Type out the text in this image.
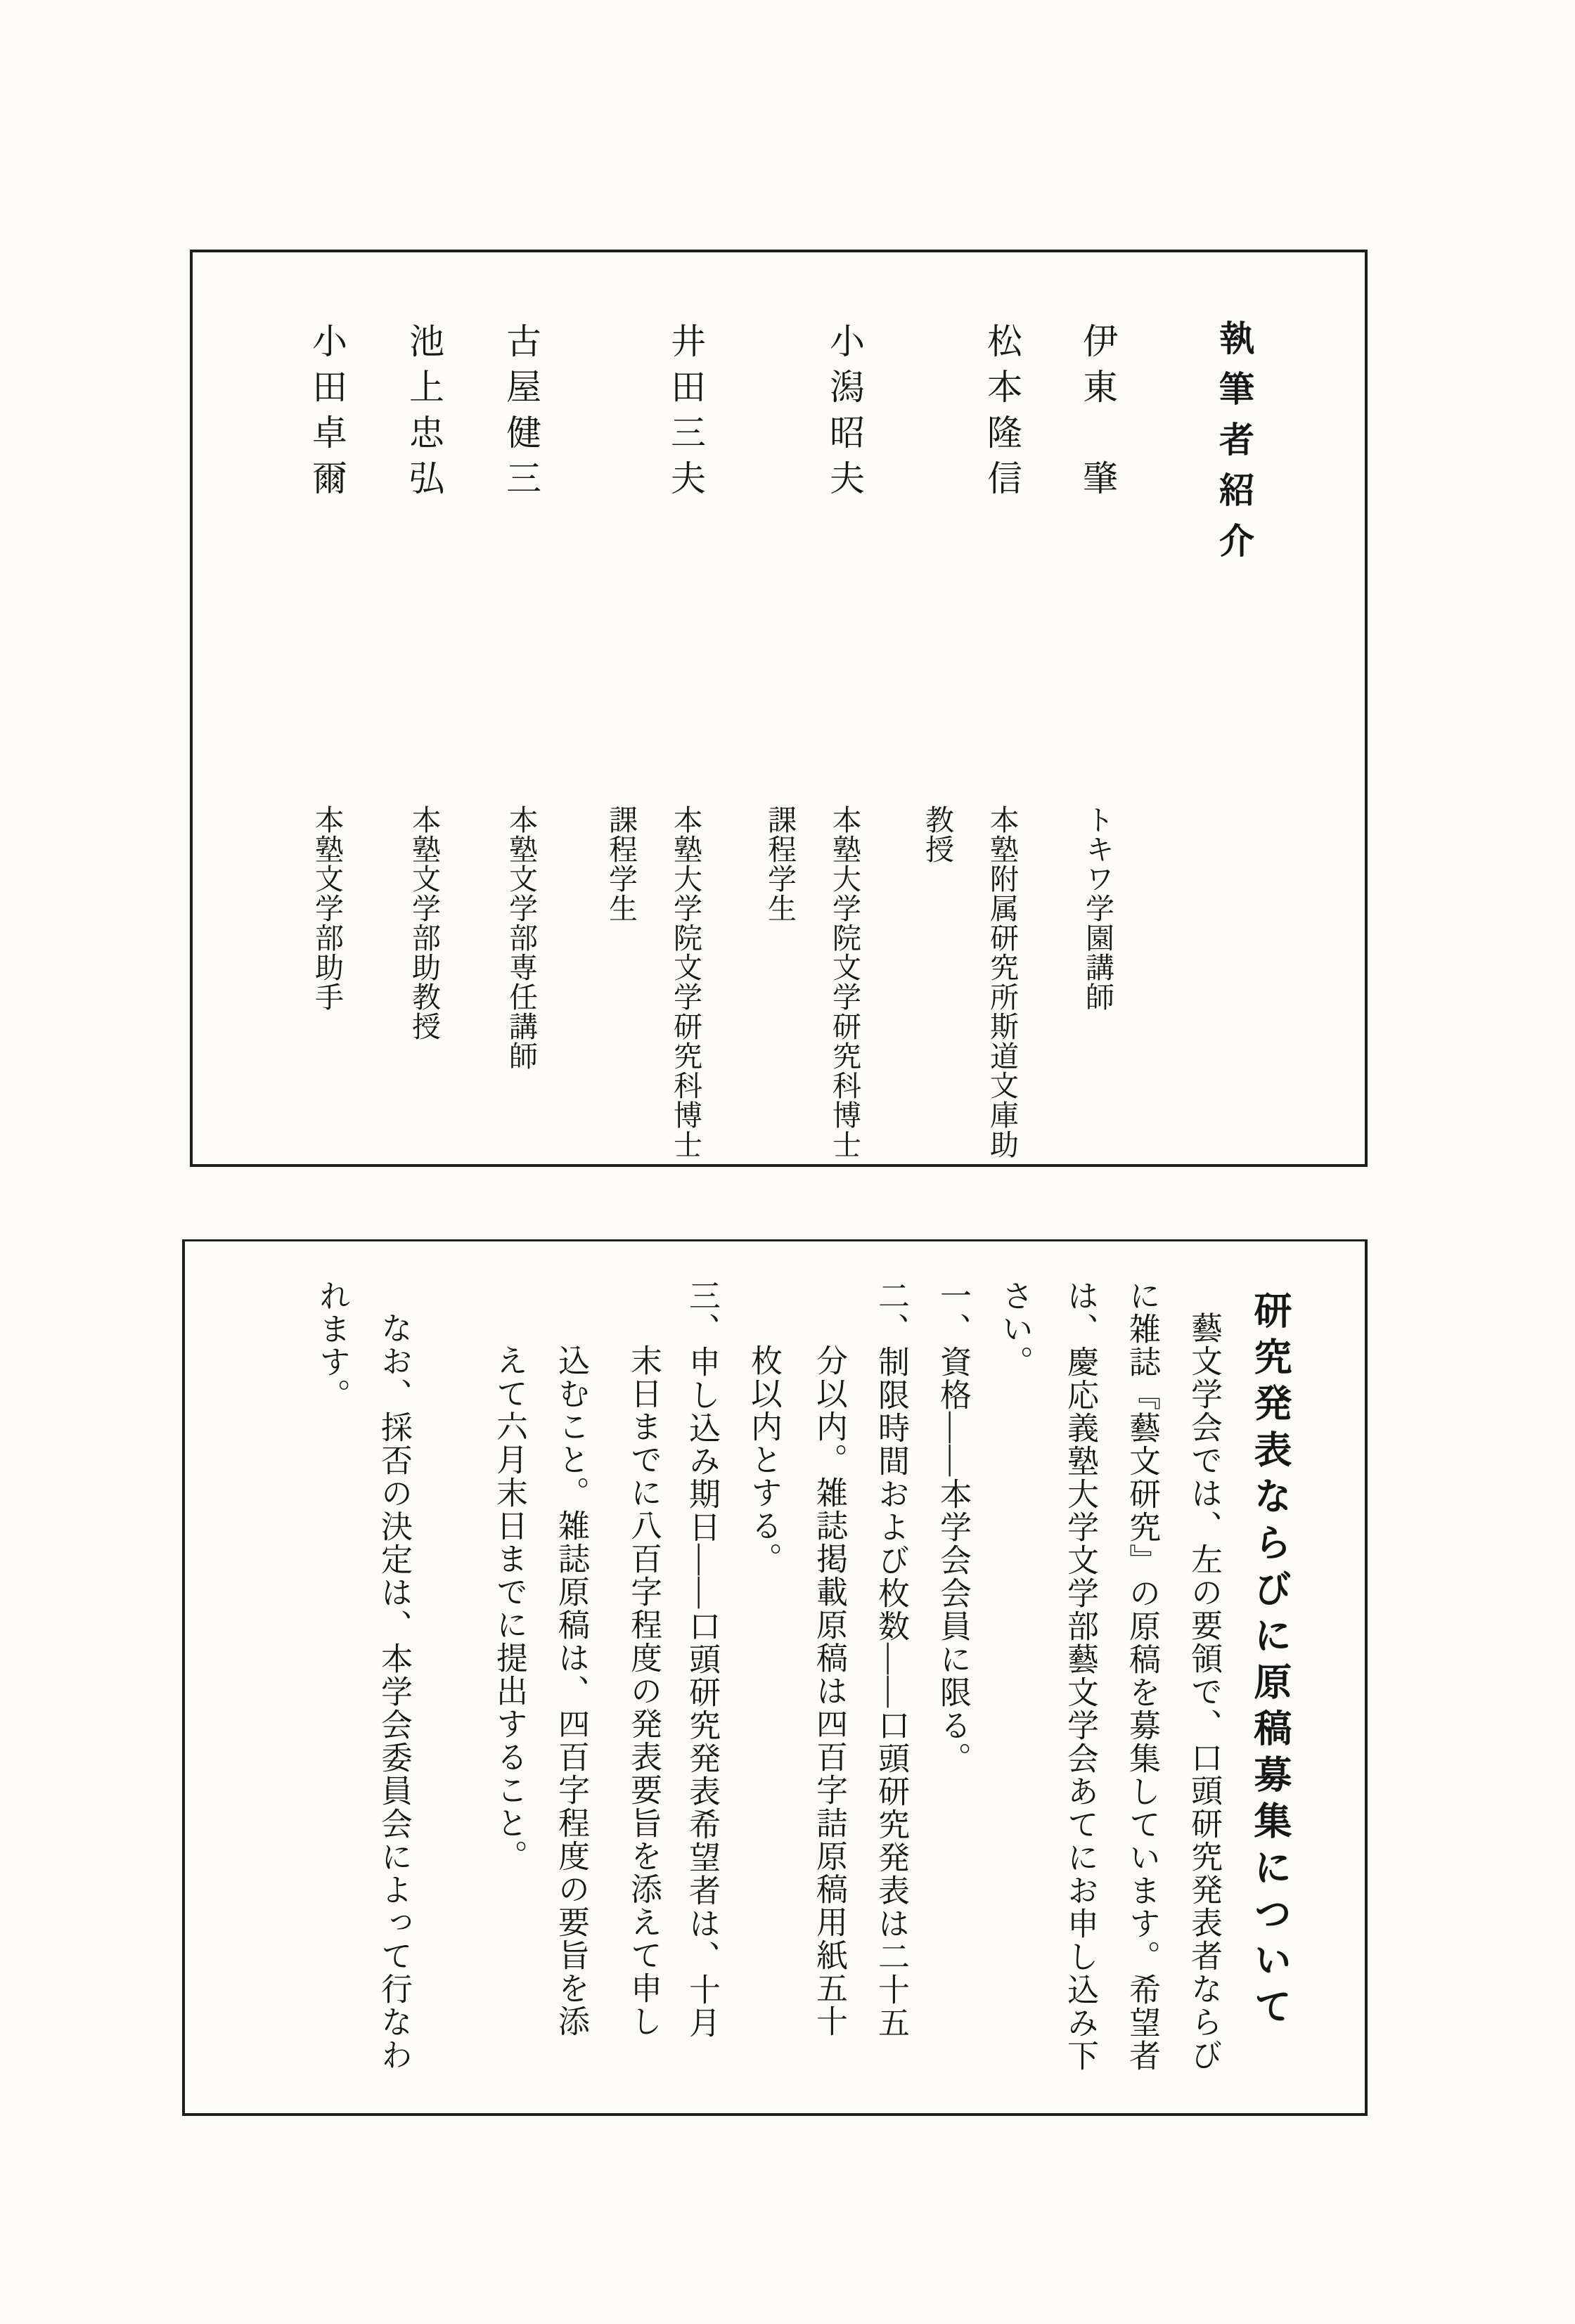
執筆者紹介 伊東　肇トキワ学園講師 松本隆信本塾附属研究所斯道文庫助 教授 小潟昭夫本塾大学院文学研究科博士 課程学生 井田三夫本塾大学院文学研究科博士 課程学生 古屋健三本塾文学部専任講師 池上忠弘本塾文学部助教授 小田卓爾本塾文学部助手
研究発表ならびに原稿募集について 藝文学会では、左の要領で、口頭研究発表者ならび に雑誌『藝文研究』の原稿を募集しています。希望者 は、慶応義塾大学文学部藝文学会あてにお申し込み下 さい。 一、資格――本学会会員に限る。 二、制限時間および枚数――口頭研究発表は二十五 分以内。雑誌掲載原稿は四百字詰原稿用紙五十 枚以内とする。 三、申し込み期日――口頭研究発表希望者は、十月 末日までに八百字程度の発表要旨を添えて申し 込むこと。雑誌原稿は、四百字程度の要旨を添 えて六月末日までに提出すること。 なお、採否の決定は、本学会委員会によって行なわ れます。
